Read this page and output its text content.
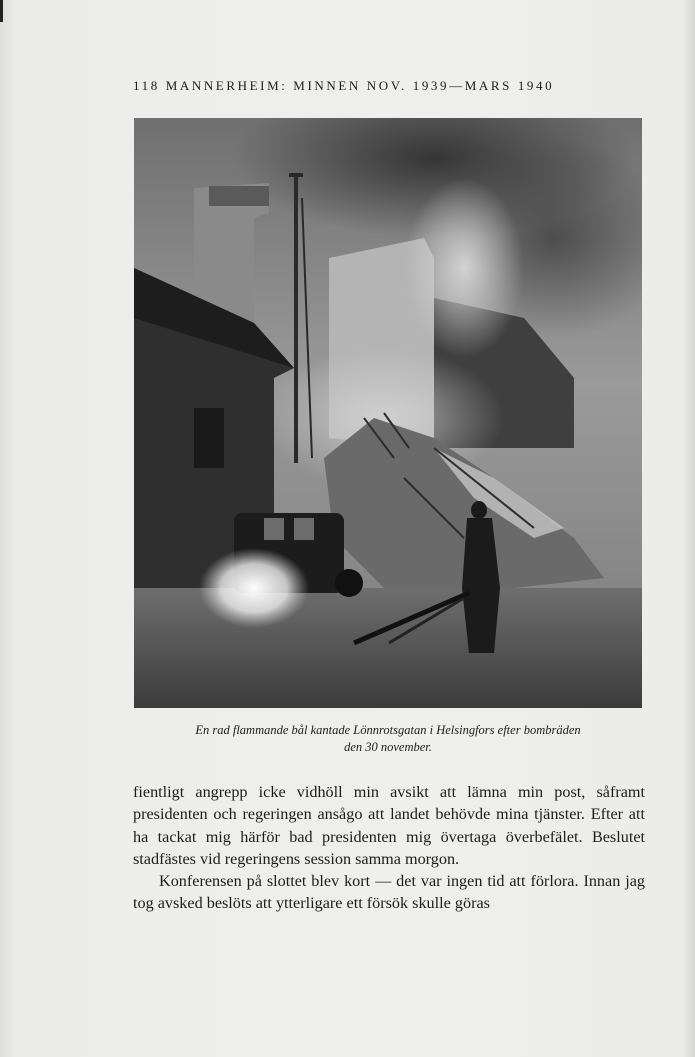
118 MANNERHEIM: MINNEN NOV. 1939—MARS 1940
En rad flammande bål kantade Lönnrotsgatan i Helsingfors efter bombräden
den 30 november.

fientligt angrepp icke vidhöll min avsikt att lämna min post, såframt presidenten och regeringen ansågo att landet behövde mina tjänster. Efter att ha tackat mig härför bad presidenten mig övertaga överbefälet. Beslutet stadfästes vid regeringens session samma morgon.

Konferensen på slottet blev kort — det var ingen tid att förlora. Innan jag tog avsked beslöts att ytterligare ett försök skulle göras
